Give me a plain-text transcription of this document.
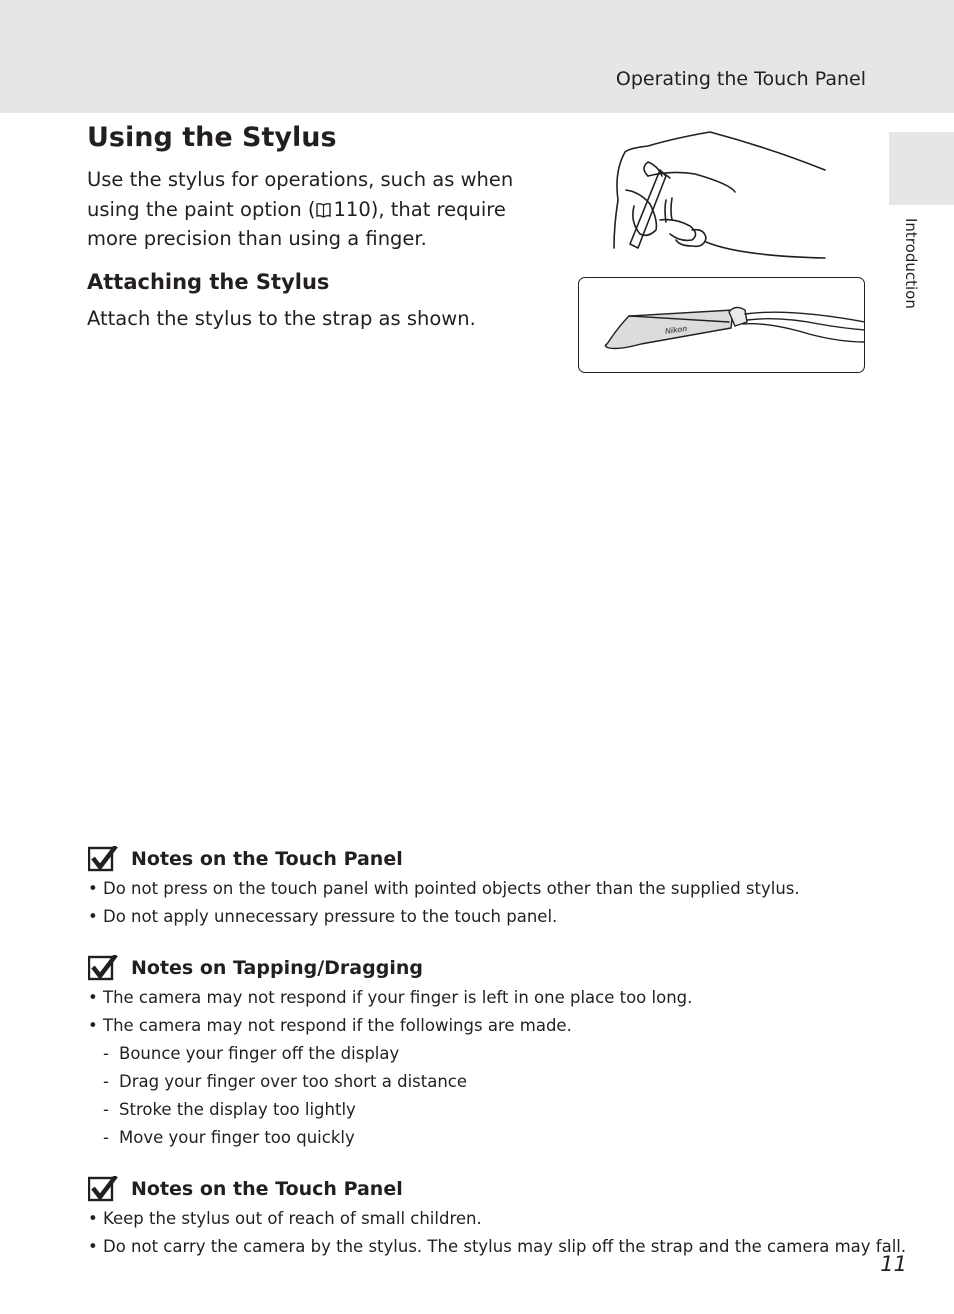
Operating the Touch Panel
Introduction
Using the Stylus

Use the stylus for operations, such as when using the paint option ( 110), that require more precision than using a finger.

Attaching the Stylus

Attach the stylus to the strap as shown.	Nikon
Notes on the Touch Panel
• Do not press on the touch panel with pointed objects other than the supplied stylus.
• Do not apply unnecessary pressure to the touch panel.
Notes on Tapping/Dragging
• The camera may not respond if your finger is left in one place too long.
• The camera may not respond if the followings are made.
- Bounce your finger off the display
- Drag your finger over too short a distance
- Stroke the display too lightly
- Move your finger too quickly
Notes on the Touch Panel
• Keep the stylus out of reach of small children.
• Do not carry the camera by the stylus. The stylus may slip off the strap and the camera may fall.
11
